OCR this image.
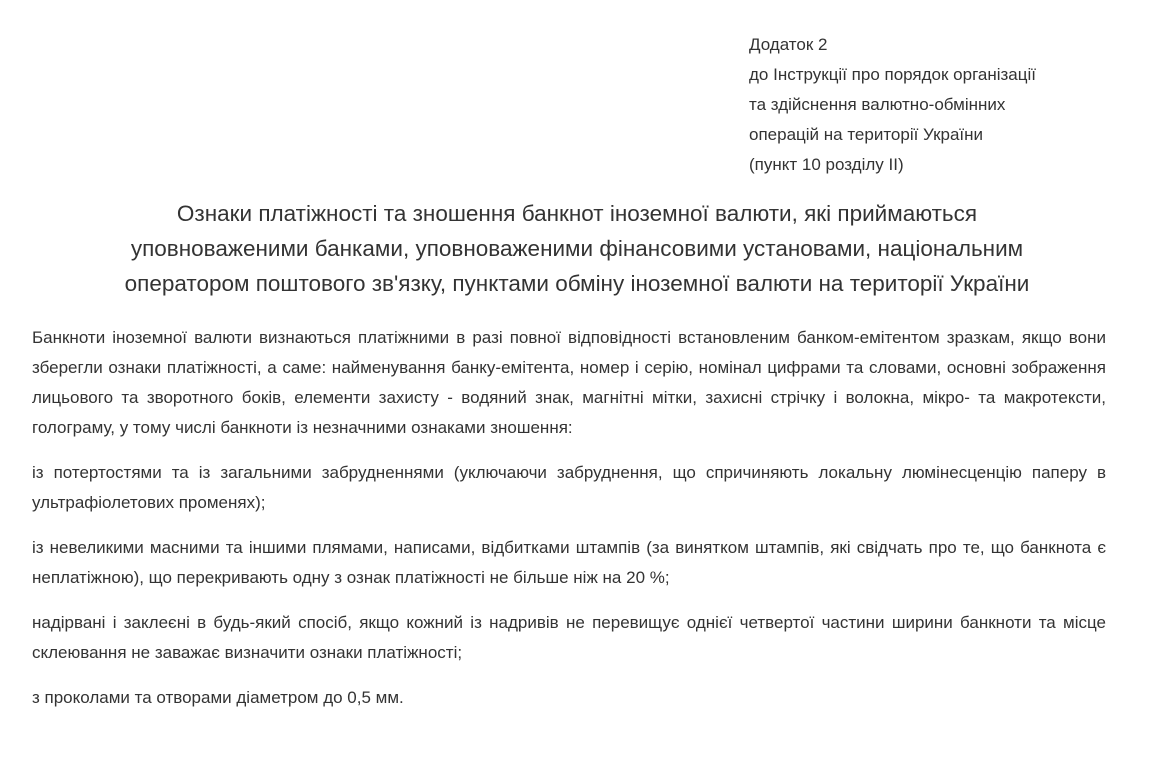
Додаток 2
до Інструкції про порядок організації
та здійснення валютно-обмінних
операцій на території України
(пункт 10 розділу II)
Ознаки платіжності та зношення банкнот іноземної валюти, які приймаються
уповноваженими банками, уповноваженими фінансовими установами, національним
оператором поштового зв'язку, пунктами обміну іноземної валюти на території України

Банкноти іноземної валюти визнаються платіжними в разі повної відповідності встановленим банком-емітентом зразкам, якщо вони зберегли ознаки платіжності, а саме: найменування банку-емітента, номер і серію, номінал цифрами та словами, основні зображення лицьового та зворотного боків, елементи захисту - водяний знак, магнітні мітки, захисні стрічку і волокна, мікро- та макротексти, голограму, у тому числі банкноти із незначними ознаками зношення:

із потертостями та із загальними забрудненнями (уключаючи забруднення, що спричиняють локальну люмінесценцію паперу в ультрафіолетових променях);

із невеликими масними та іншими плямами, написами, відбитками штампів (за винятком штампів, які свідчать про те, що банкнота є неплатіжною), що перекривають одну з ознак платіжності не більше ніж на 20 %;

надірвані і заклеєні в будь-який спосіб, якщо кожний із надривів не перевищує однієї четвертої частини ширини банкноти та місце склеювання не заважає визначити ознаки платіжності;

з проколами та отворами діаметром до 0,5 мм.
